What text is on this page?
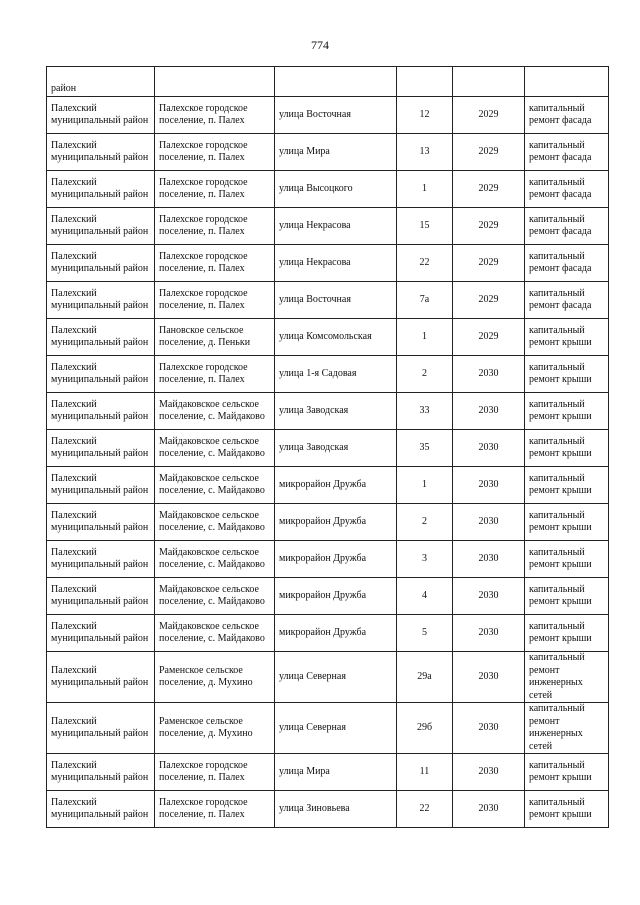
774
район					
Палехский муниципальный район	Палехское городское поселение, п. Палех	улица Восточная	12	2029	капитальный ремонт фасада
Палехский муниципальный район	Палехское городское поселение, п. Палех	улица Мира	13	2029	капитальный ремонт фасада
Палехский муниципальный район	Палехское городское поселение, п. Палех	улица Высоцкого	1	2029	капитальный ремонт фасада
Палехский муниципальный район	Палехское городское поселение, п. Палех	улица Некрасова	15	2029	капитальный ремонт фасада
Палехский муниципальный район	Палехское городское поселение, п. Палех	улица Некрасова	22	2029	капитальный ремонт фасада
Палехский муниципальный район	Палехское городское поселение, п. Палех	улица Восточная	7а	2029	капитальный ремонт фасада
Палехский муниципальный район	Пановское сельское поселение, д. Пеньки	улица Комсомольская	1	2029	капитальный ремонт крыши
Палехский муниципальный район	Палехское городское поселение, п. Палех	улица 1-я Садовая	2	2030	капитальный ремонт крыши
Палехский муниципальный район	Майдаковское сельское поселение, с. Майдаково	улица Заводская	33	2030	капитальный ремонт крыши
Палехский муниципальный район	Майдаковское сельское поселение, с. Майдаково	улица Заводская	35	2030	капитальный ремонт крыши
Палехский муниципальный район	Майдаковское сельское поселение, с. Майдаково	микрорайон Дружба	1	2030	капитальный ремонт крыши
Палехский муниципальный район	Майдаковское сельское поселение, с. Майдаково	микрорайон Дружба	2	2030	капитальный ремонт крыши
Палехский муниципальный район	Майдаковское сельское поселение, с. Майдаково	микрорайон Дружба	3	2030	капитальный ремонт крыши
Палехский муниципальный район	Майдаковское сельское поселение, с. Майдаково	микрорайон Дружба	4	2030	капитальный ремонт крыши
Палехский муниципальный район	Майдаковское сельское поселение, с. Майдаково	микрорайон Дружба	5	2030	капитальный ремонт крыши
Палехский муниципальный район	Раменское сельское поселение, д. Мухино	улица Северная	29а	2030	капитальный ремонт инженерных сетей
Палехский муниципальный район	Раменское сельское поселение, д. Мухино	улица Северная	29б	2030	капитальный ремонт инженерных сетей
Палехский муниципальный район	Палехское городское поселение, п. Палех	улица Мира	11	2030	капитальный ремонт крыши
Палехский муниципальный район	Палехское городское поселение, п. Палех	улица Зиновьева	22	2030	капитальный ремонт крыши
